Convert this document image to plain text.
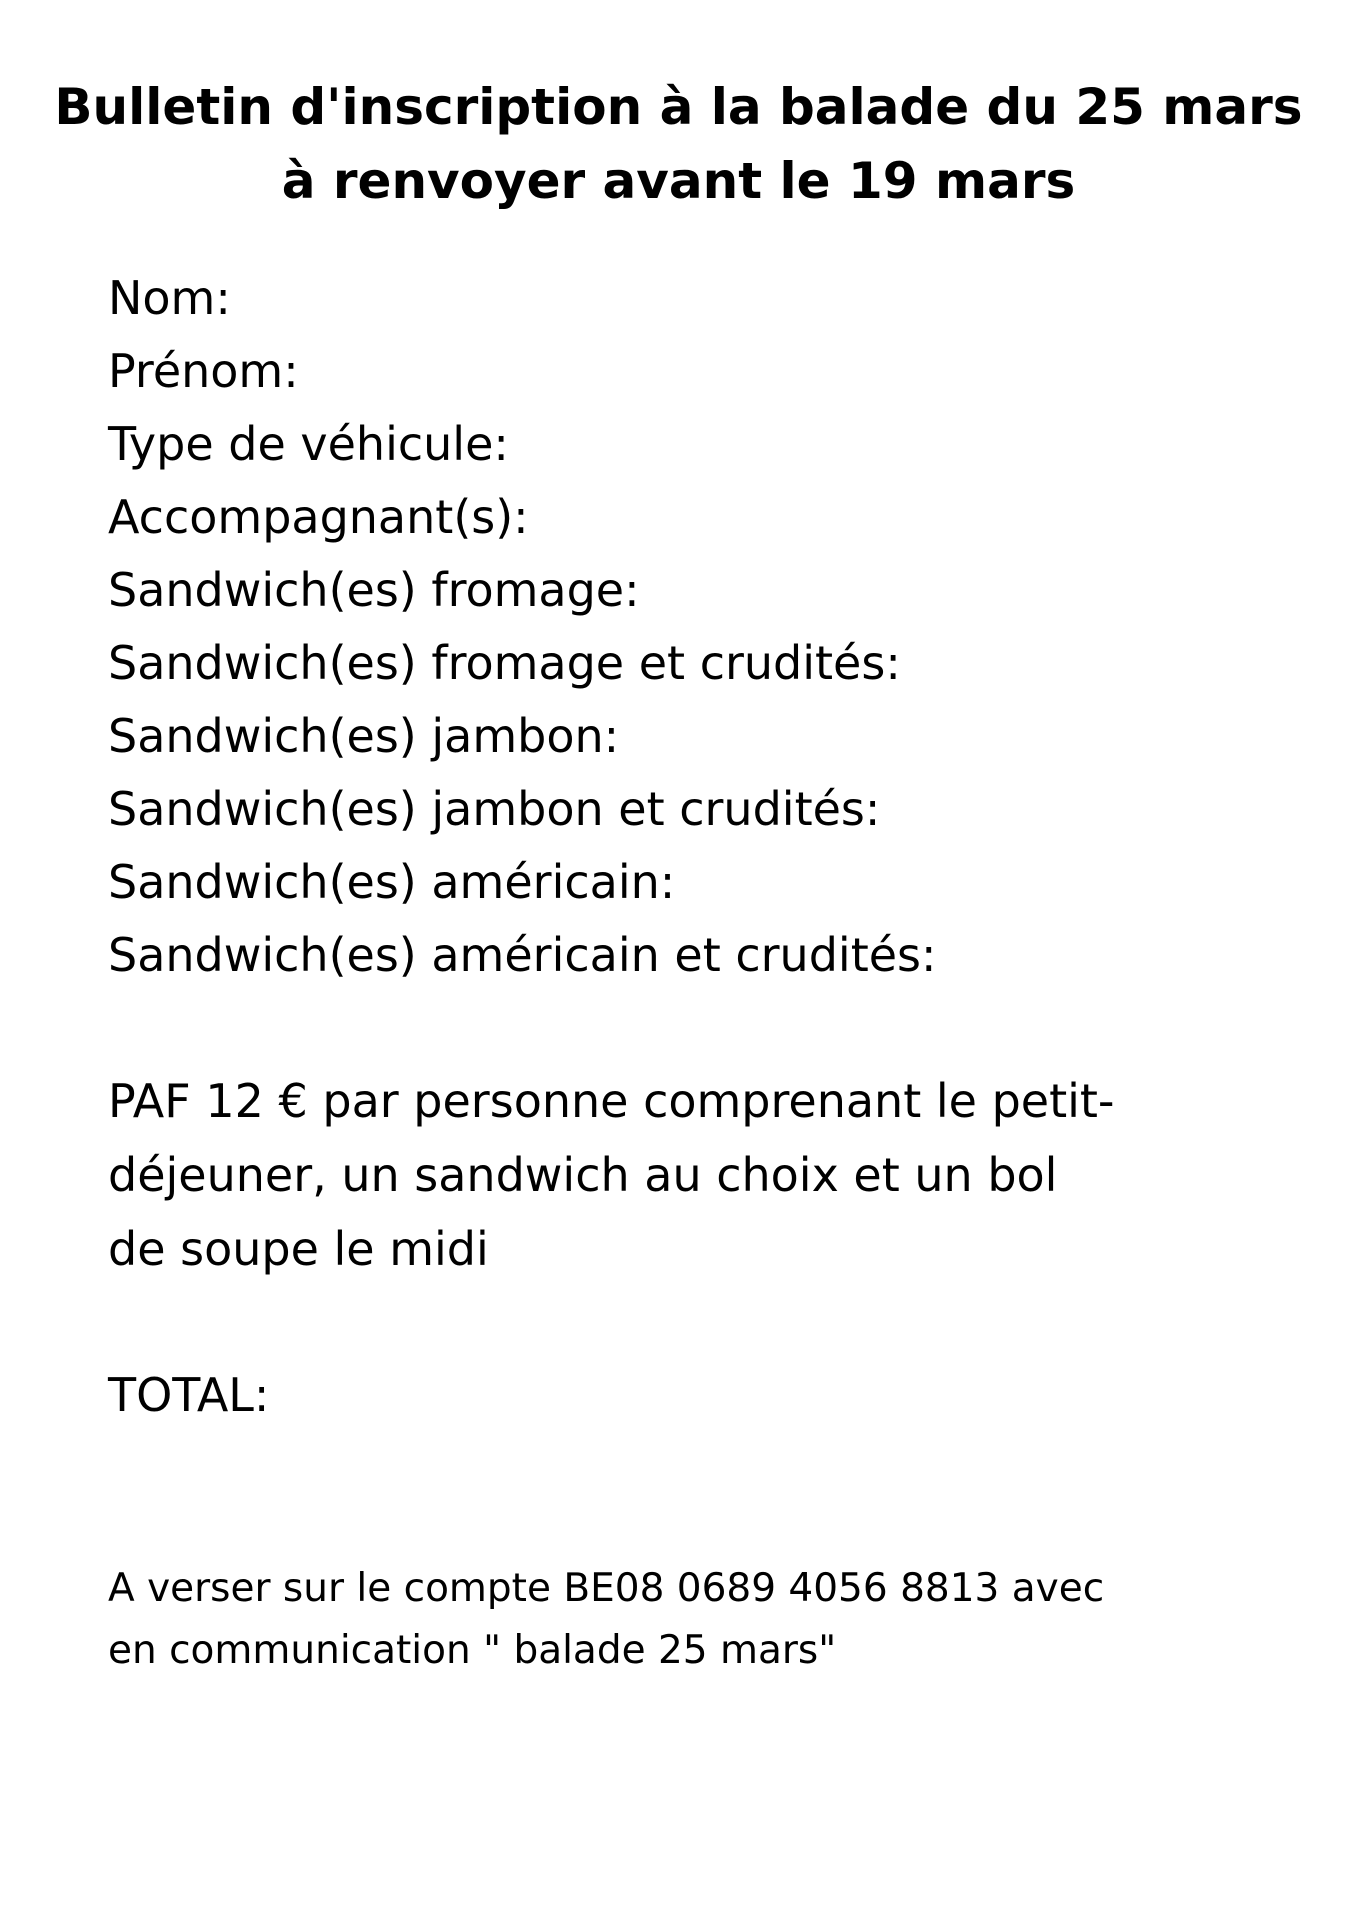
Bulletin d'inscription à la balade du 25 mars
à renvoyer avant le 19 mars
Nom:
Prénom:
Type de véhicule:
Accompagnant(s):
Sandwich(es) fromage:
Sandwich(es) fromage et crudités:
Sandwich(es) jambon:
Sandwich(es) jambon et crudités:
Sandwich(es) américain:
Sandwich(es) américain et crudités:
PAF 12 € par personne comprenant le petit-
déjeuner, un sandwich au choix et un bol
de soupe le midi
TOTAL:
A verser sur le compte BE08 0689 4056 8813 avec
en communication " balade 25 mars"
